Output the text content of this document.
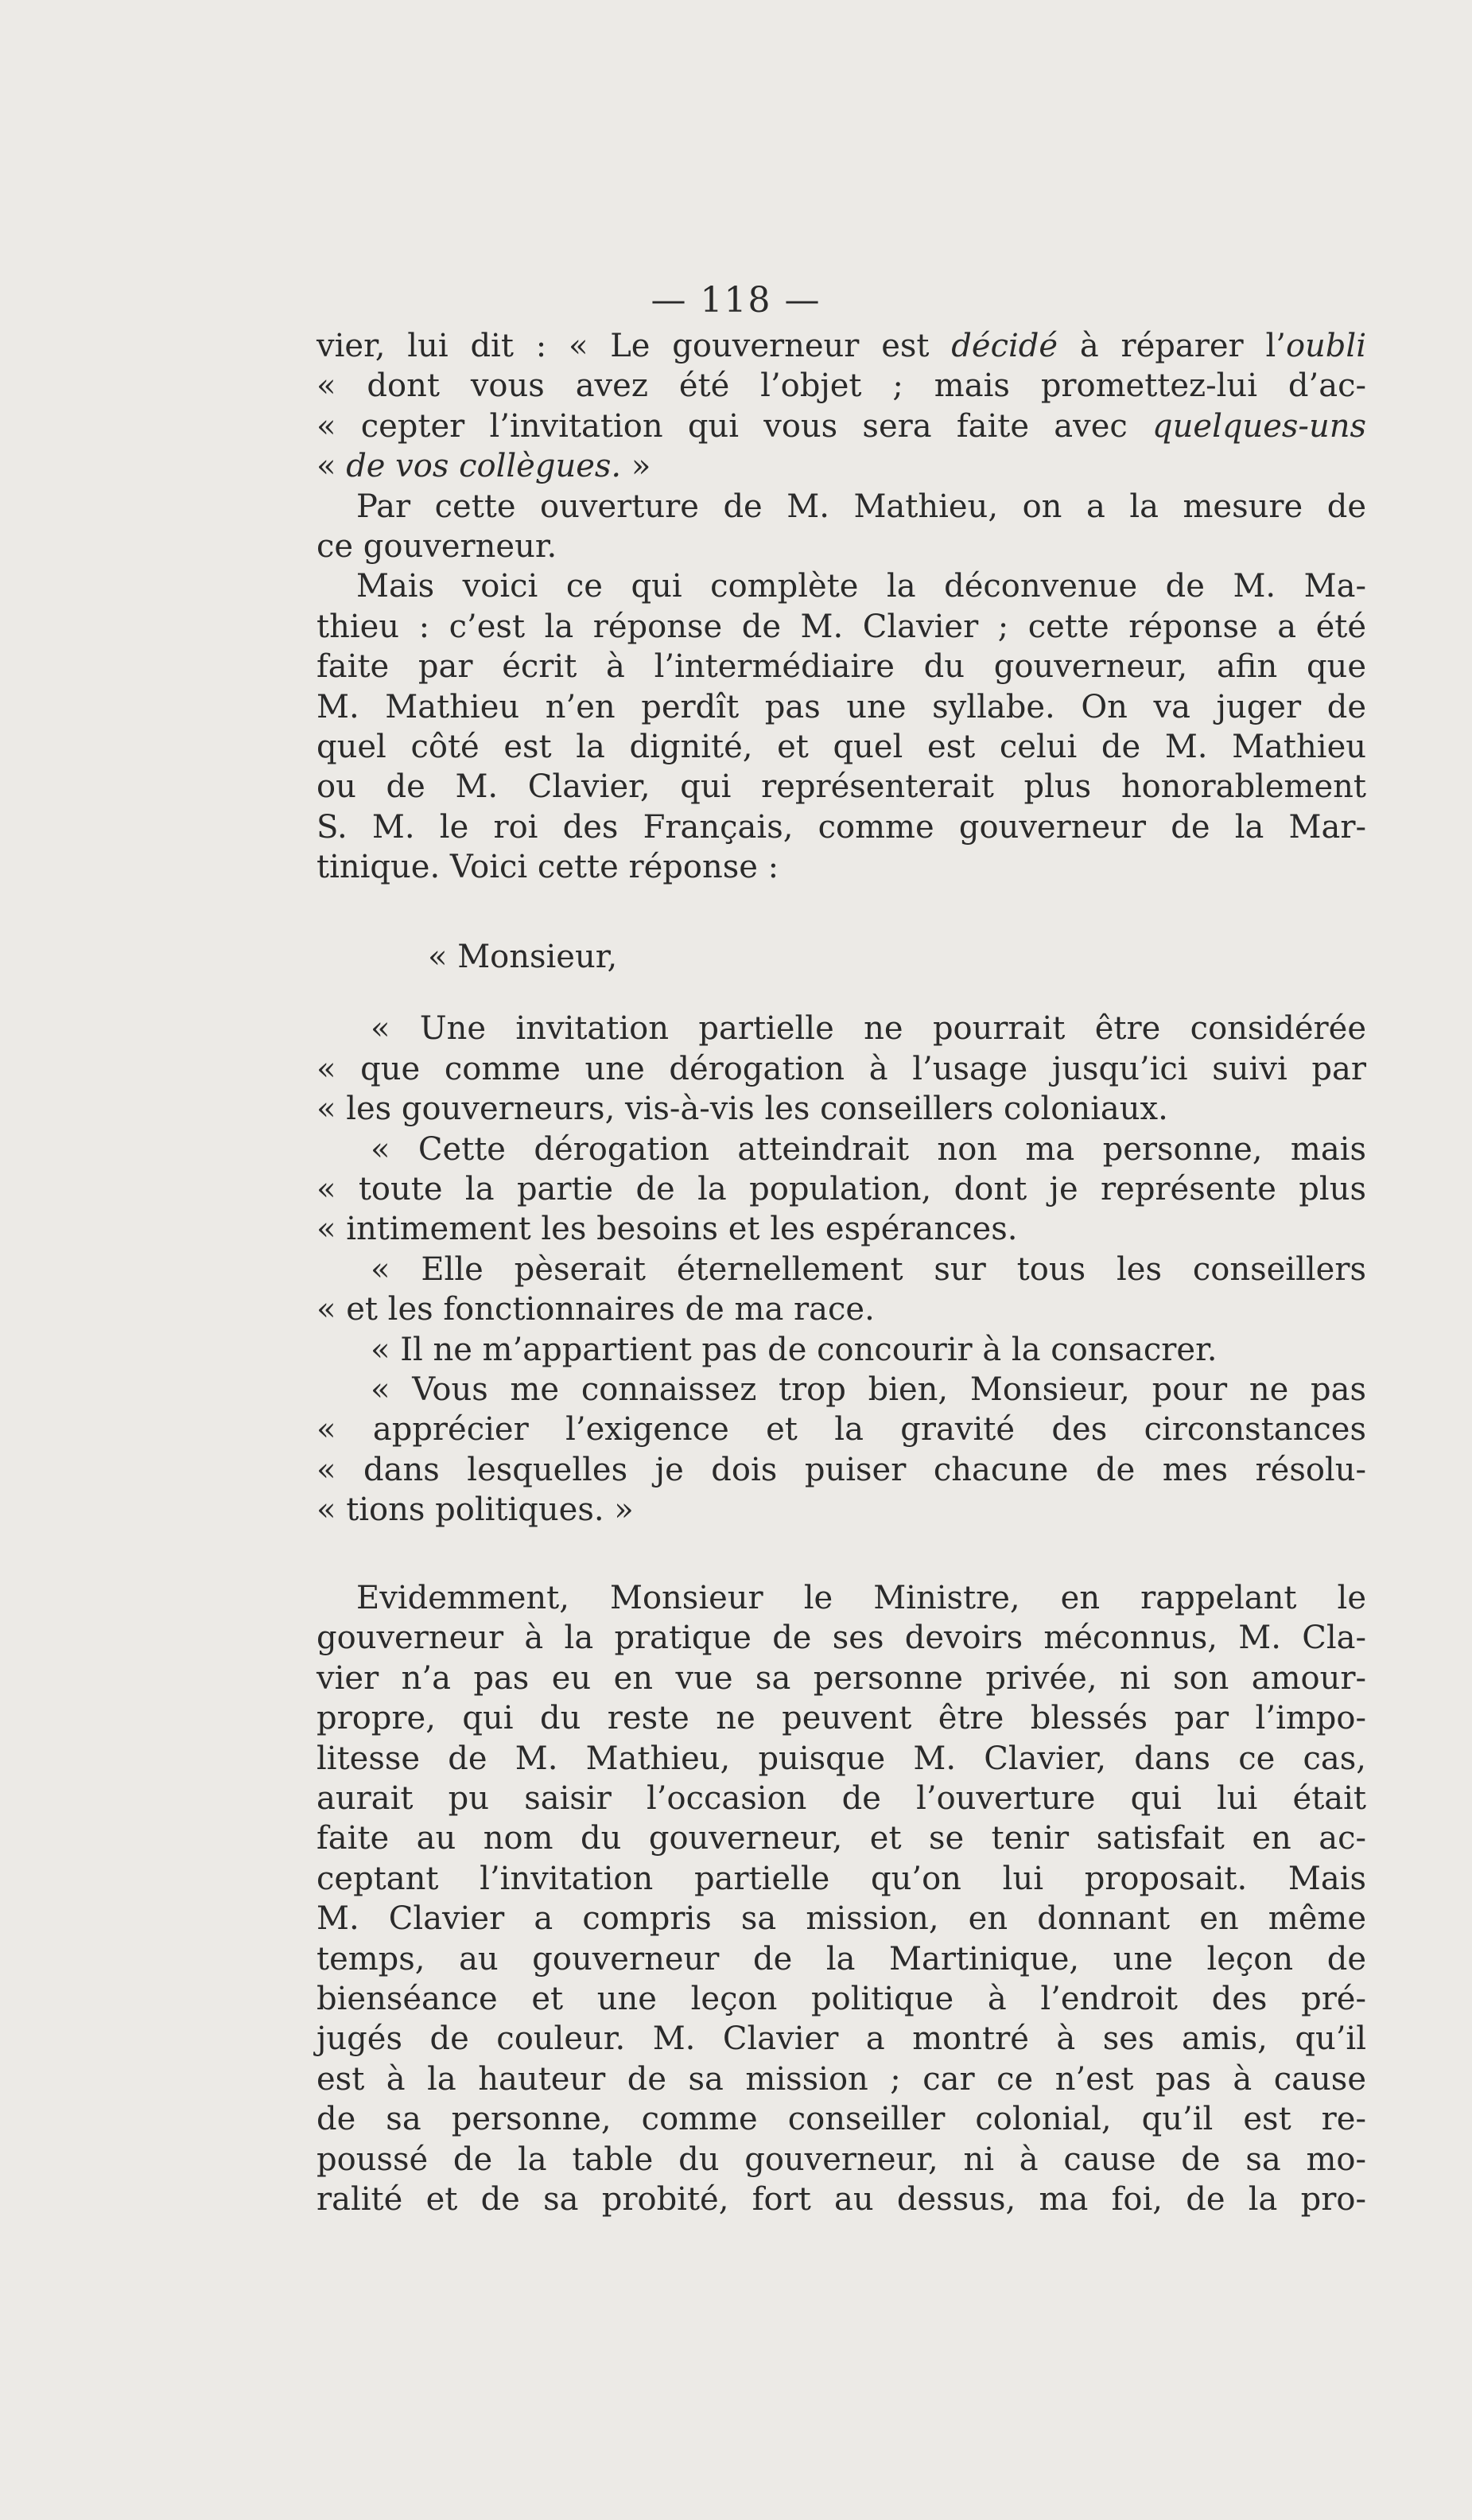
— 118 —
vier, lui dit : « Le gouverneur est décidé à réparer l’oubli
« dont vous avez été l’objet ; mais promettez-lui d’ac-
« cepter l’invitation qui vous sera faite avec quelques-uns
« de vos collègues. »
Par cette ouverture de M. Mathieu, on a la mesure de
ce gouverneur.
Mais voici ce qui complète la déconvenue de M. Ma-
thieu : c’est la réponse de M. Clavier ; cette réponse a été
faite par écrit à l’intermédiaire du gouverneur, afin que
M. Mathieu n’en perdît pas une syllabe. On va juger de
quel côté est la dignité, et quel est celui de M. Mathieu
ou de M. Clavier, qui représenterait plus honorablement
S. M. le roi des Français, comme gouverneur de la Mar-
tinique. Voici cette réponse :
« Monsieur,
« Une invitation partielle ne pourrait être considérée
« que comme une dérogation à l’usage jusqu’ici suivi par
« les gouverneurs, vis-à-vis les conseillers coloniaux.
« Cette dérogation atteindrait non ma personne, mais
« toute la partie de la population, dont je représente plus
« intimement les besoins et les espérances.
« Elle pèserait éternellement sur tous les conseillers
« et les fonctionnaires de ma race.
« Il ne m’appartient pas de concourir à la consacrer.
« Vous me connaissez trop bien, Monsieur, pour ne pas
« apprécier l’exigence et la gravité des circonstances
« dans lesquelles je dois puiser chacune de mes résolu-
« tions politiques. »
Evidemment, Monsieur le Ministre, en rappelant le
gouverneur à la pratique de ses devoirs méconnus, M. Cla-
vier n’a pas eu en vue sa personne privée, ni son amour-
propre, qui du reste ne peuvent être blessés par l’impo-
litesse de M. Mathieu, puisque M. Clavier, dans ce cas,
aurait pu saisir l’occasion de l’ouverture qui lui était
faite au nom du gouverneur, et se tenir satisfait en ac-
ceptant l’invitation partielle qu’on lui proposait. Mais
M. Clavier a compris sa mission, en donnant en même
temps, au gouverneur de la Martinique, une leçon de
bienséance et une leçon politique à l’endroit des pré-
jugés de couleur. M. Clavier a montré à ses amis, qu’il
est à la hauteur de sa mission ; car ce n’est pas à cause
de sa personne, comme conseiller colonial, qu’il est re-
poussé de la table du gouverneur, ni à cause de sa mo-
ralité et de sa probité, fort au dessus, ma foi, de la pro-
